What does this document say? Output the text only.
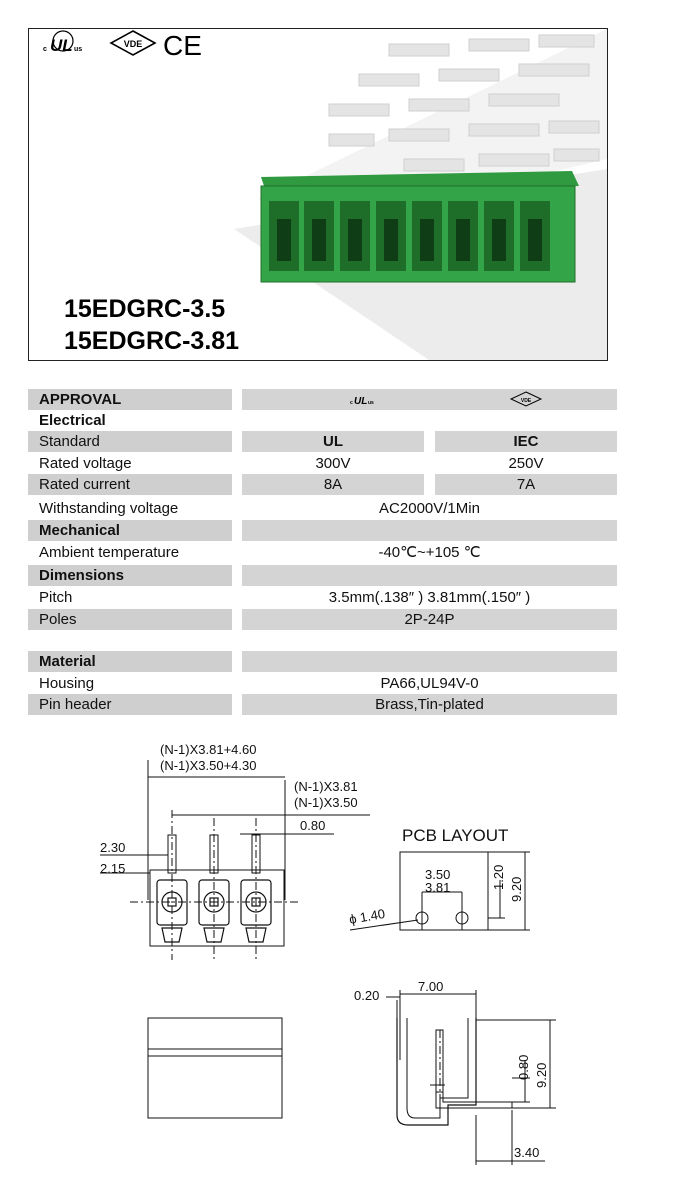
c UL us
VDE CE
15EDGRC-3.5
15EDGRC-3.81
APPROVAL	c UL us	VDE
Electrical
Standard	UL	IEC
Rated voltage	300V	250V
Rated current	8A	7A
Withstanding voltage	AC2000V/1Min
Mechanical
Ambient temperature	-40℃~+105 ℃
Dimensions
Pitch	3.5mm(.138″ ) 3.81mm(.150″ )
Poles	2P-24P
Material
Housing	PA66,UL94V-0
Pin header	Brass,Tin-plated
(N-1)X3.81+4.60
(N-1)X3.50+4.30
(N-1)X3.81
(N-1)X3.50
0.80
2.30
2.15
PCB LAYOUT
3.50
3.81
ϕ 1.40
1.20 9.20
0.20
7.00
0.80 9.20
3.40
